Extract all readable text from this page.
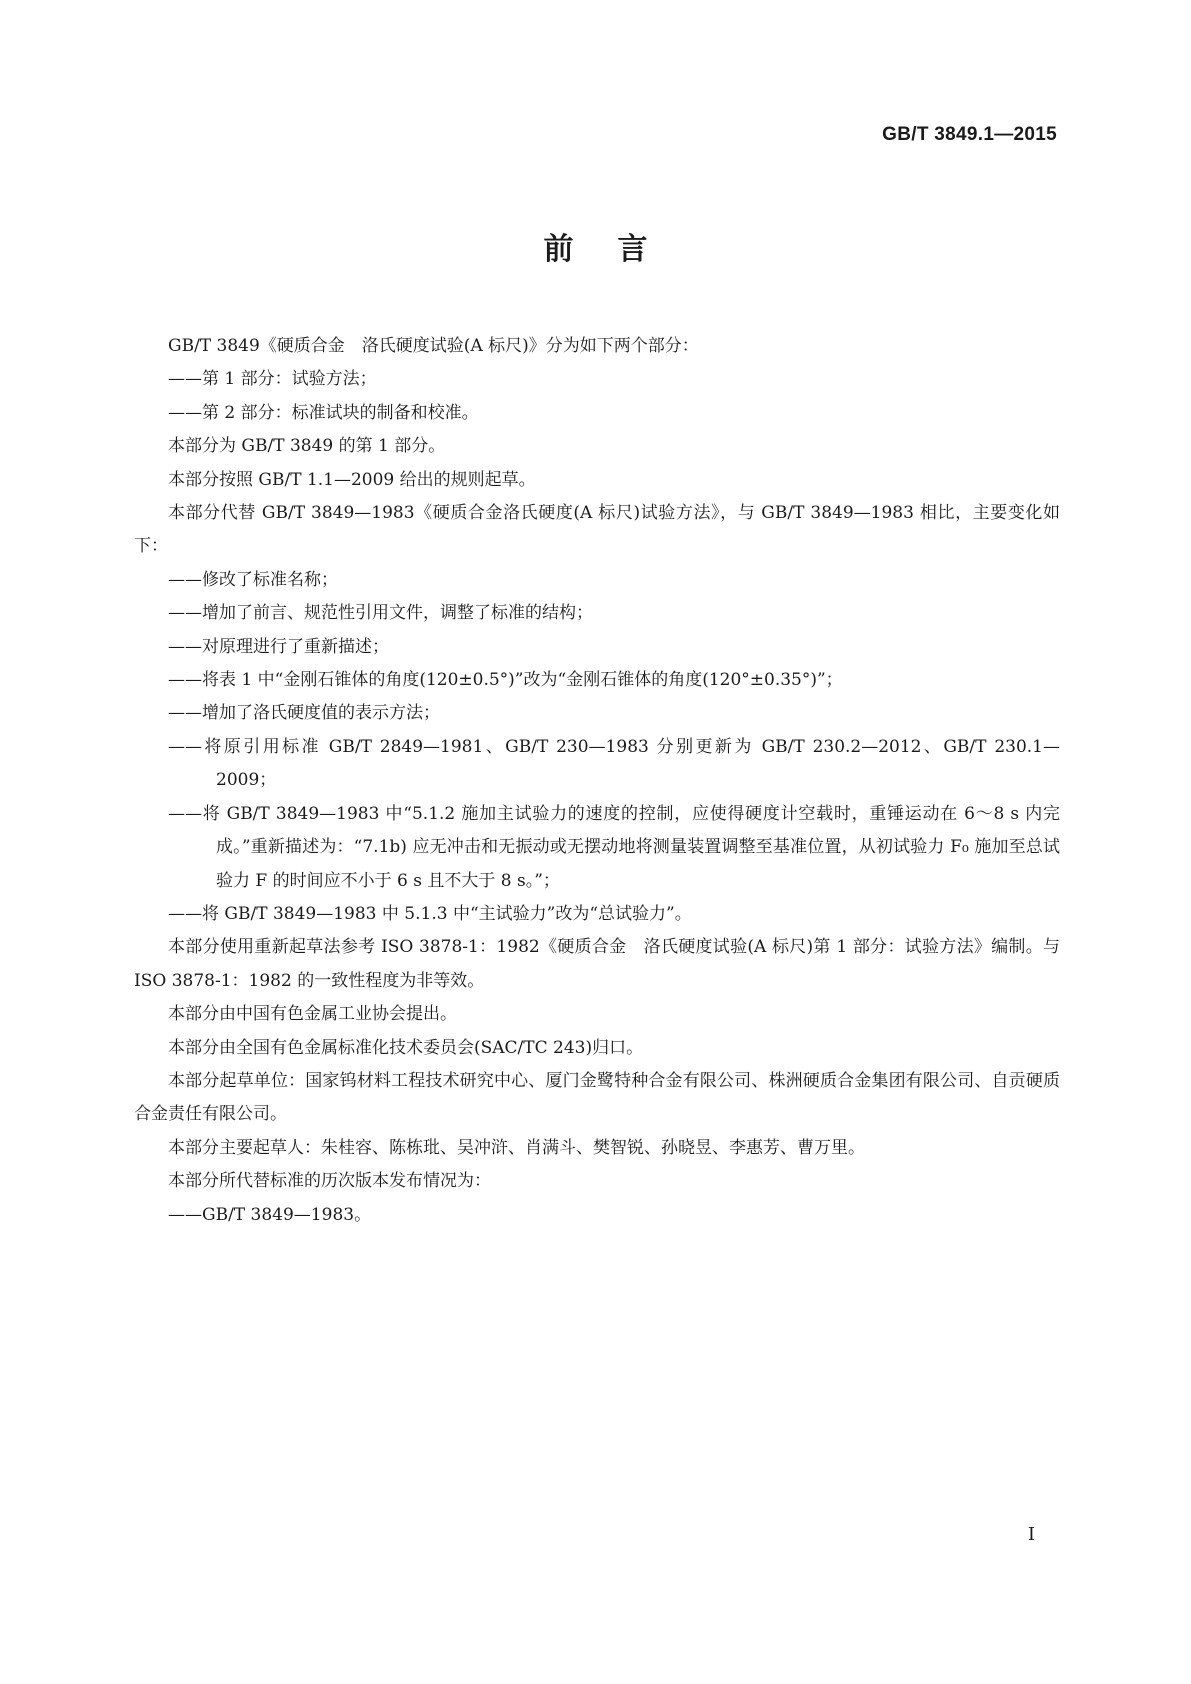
GB/T 3849.1—2015
前言

GB/T 3849《硬质合金　洛氏硬度试验(A 标尺)》分为如下两个部分：

——第 1 部分：试验方法；

——第 2 部分：标准试块的制备和校准。

本部分为 GB/T 3849 的第 1 部分。

本部分按照 GB/T 1.1—2009 给出的规则起草。

本部分代替 GB/T 3849—1983《硬质合金洛氏硬度(A 标尺)试验方法》，与 GB/T 3849—1983 相比，主要变化如下：

——修改了标准名称；

——增加了前言、规范性引用文件，调整了标准的结构；

——对原理进行了重新描述；

——将表 1 中“金刚石锥体的角度(120±0.5°)”改为“金刚石锥体的角度(120°±0.35°)”；

——增加了洛氏硬度值的表示方法；

——将原引用标准 GB/T 2849—1981、GB/T 230—1983 分别更新为 GB/T 230.2—2012、GB/T 230.1—2009；

——将 GB/T 3849—1983 中“5.1.2 施加主试验力的速度的控制，应使得硬度计空载时，重锤运动在 6～8 s 内完成。”重新描述为：“7.1b) 应无冲击和无振动或无摆动地将测量装置调整至基准位置，从初试验力 F₀ 施加至总试验力 F 的时间应不小于 6 s 且不大于 8 s。”；

——将 GB/T 3849—1983 中 5.1.3 中“主试验力”改为“总试验力”。

本部分使用重新起草法参考 ISO 3878-1：1982《硬质合金　洛氏硬度试验(A 标尺)第 1 部分：试验方法》编制。与 ISO 3878-1：1982 的一致性程度为非等效。

本部分由中国有色金属工业协会提出。

本部分由全国有色金属标准化技术委员会(SAC/TC 243)归口。

本部分起草单位：国家钨材料工程技术研究中心、厦门金鹭特种合金有限公司、株洲硬质合金集团有限公司、自贡硬质合金责任有限公司。

本部分主要起草人：朱桂容、陈栋玭、吴冲浒、肖满斗、樊智锐、孙晓昱、李惠芳、曹万里。

本部分所代替标准的历次版本发布情况为：

——GB/T 3849—1983。

I
